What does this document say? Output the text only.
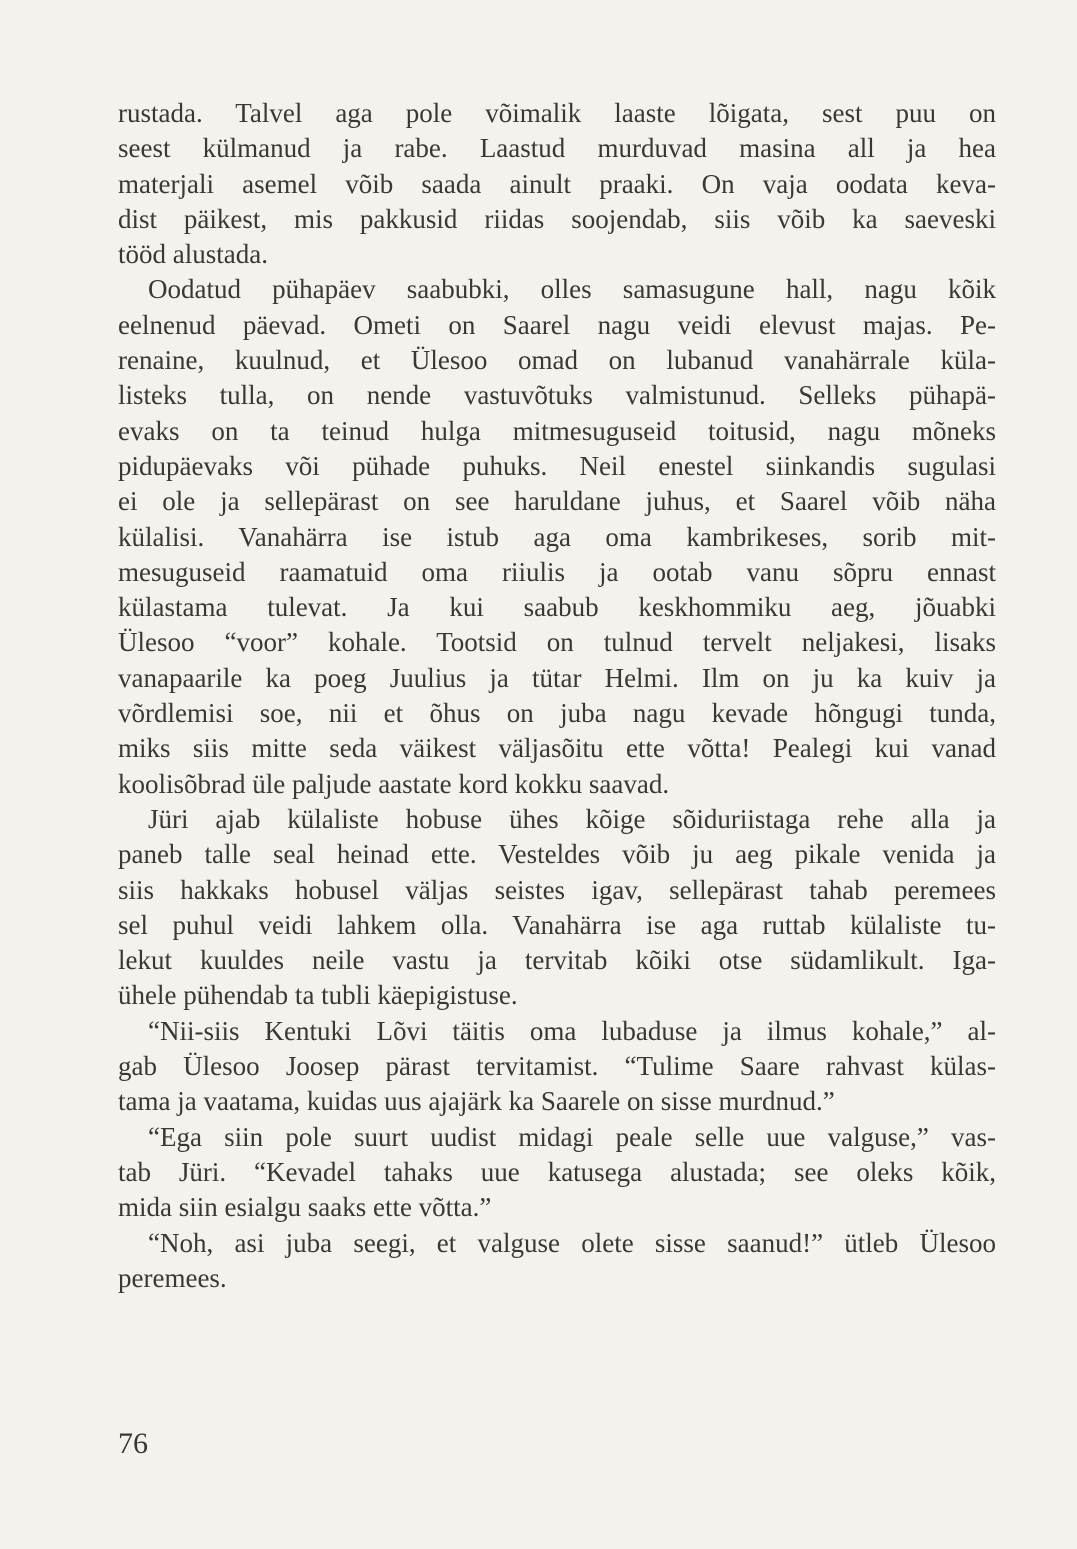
rustada. Talvel aga pole võimalik laaste lõigata, sest puu on
seest külmanud ja rabe. Laastud murduvad masina all ja hea
materjali asemel võib saada ainult praaki. On vaja oodata keva-
dist päikest, mis pakkusid riidas soojendab, siis võib ka saeveski
tööd alustada.
Oodatud pühapäev saabubki, olles samasugune hall, nagu kõik
eelnenud päevad. Ometi on Saarel nagu veidi elevust majas. Pe-
renaine, kuulnud, et Ülesoo omad on lubanud vanahärrale küla-
listeks tulla, on nende vastuvõtuks valmistunud. Selleks pühapä-
evaks on ta teinud hulga mitmesuguseid toitusid, nagu mõneks
pidupäevaks või pühade puhuks. Neil enestel siinkandis sugulasi
ei ole ja sellepärast on see haruldane juhus, et Saarel võib näha
külalisi. Vanahärra ise istub aga oma kambrikeses, sorib mit-
mesuguseid raamatuid oma riiulis ja ootab vanu sõpru ennast
külastama tulevat. Ja kui saabub keskhommiku aeg, jõuabki
Ülesoo “voor” kohale. Tootsid on tulnud tervelt neljakesi, lisaks
vanapaarile ka poeg Juulius ja tütar Helmi. Ilm on ju ka kuiv ja
võrdlemisi soe, nii et õhus on juba nagu kevade hõngugi tunda,
miks siis mitte seda väikest väljasõitu ette võtta! Pealegi kui vanad
koolisõbrad üle paljude aastate kord kokku saavad.
Jüri ajab külaliste hobuse ühes kõige sõiduriistaga rehe alla ja
paneb talle seal heinad ette. Vesteldes võib ju aeg pikale venida ja
siis hakkaks hobusel väljas seistes igav, sellepärast tahab peremees
sel puhul veidi lahkem olla. Vanahärra ise aga ruttab külaliste tu-
lekut kuuldes neile vastu ja tervitab kõiki otse südamlikult. Iga-
ühele pühendab ta tubli käepigistuse.
“Nii-siis Kentuki Lõvi täitis oma lubaduse ja ilmus kohale,” al-
gab Ülesoo Joosep pärast tervitamist. “Tulime Saare rahvast külas-
tama ja vaatama, kuidas uus ajajärk ka Saarele on sisse murdnud.”
“Ega siin pole suurt uudist midagi peale selle uue valguse,” vas-
tab Jüri. “Kevadel tahaks uue katusega alustada; see oleks kõik,
mida siin esialgu saaks ette võtta.”
“Noh, asi juba seegi, et valguse olete sisse saanud!” ütleb Ülesoo
peremees.
76
